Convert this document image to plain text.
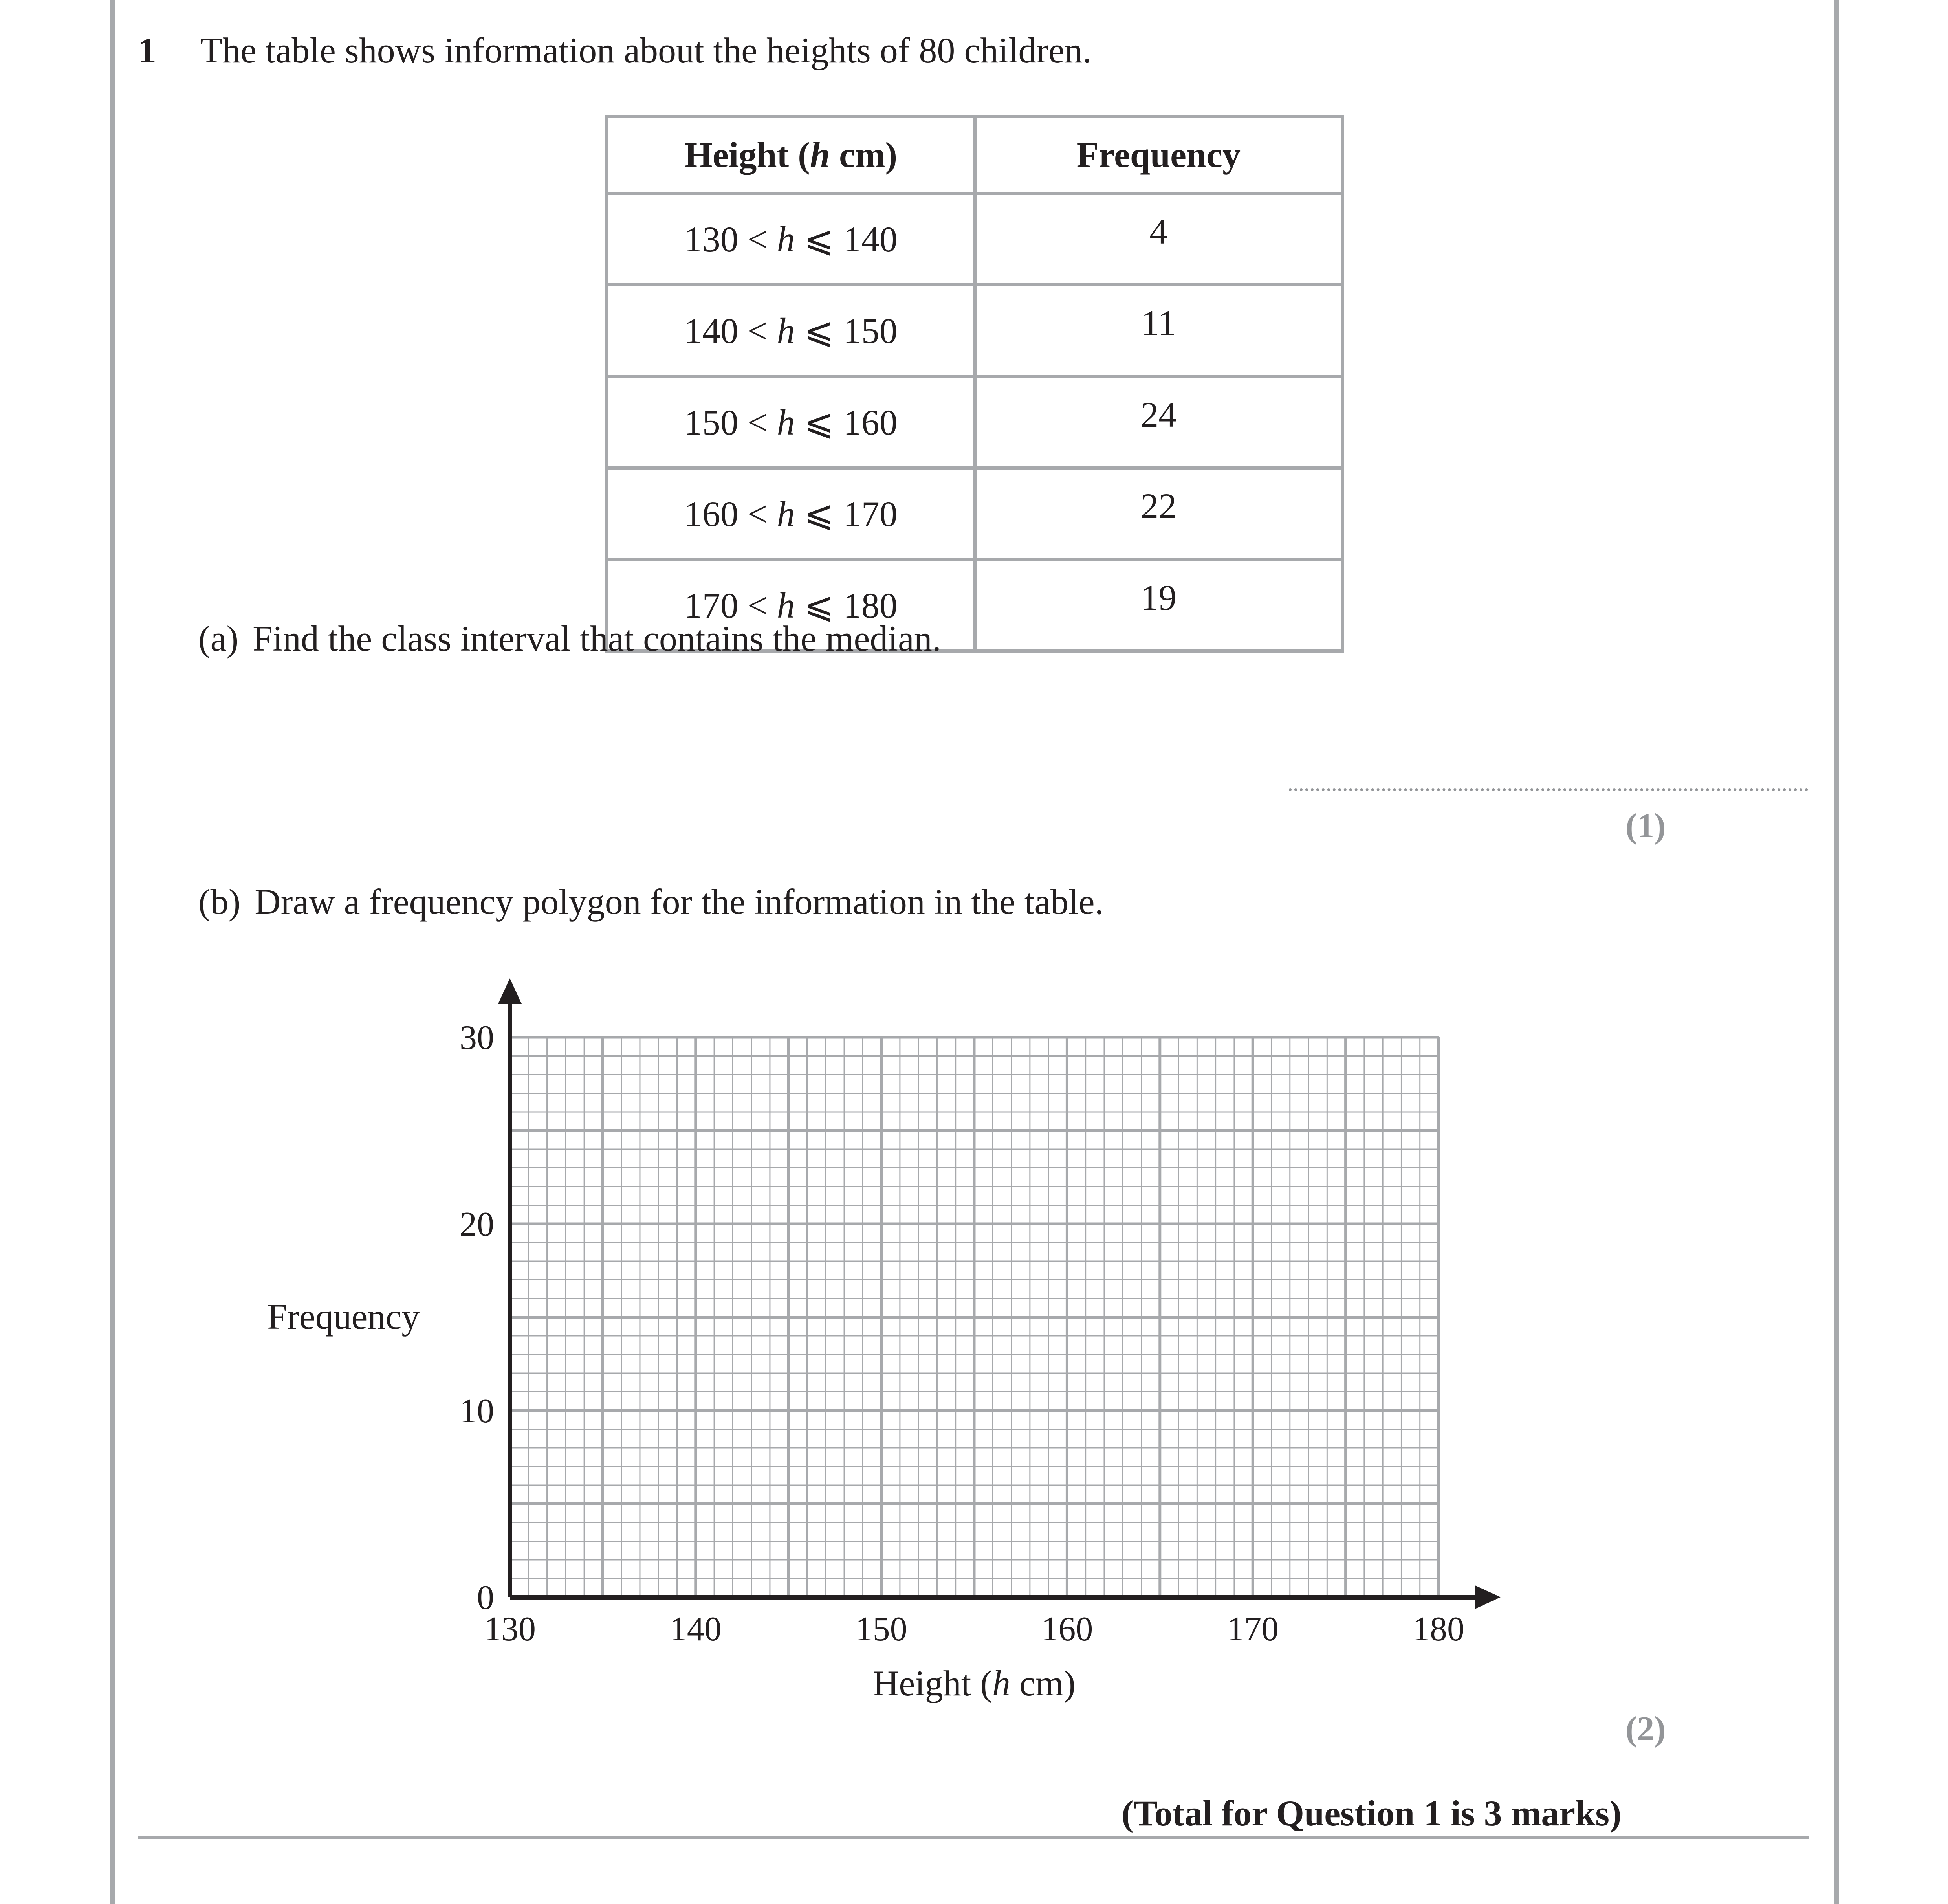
1 The table shows information about the heights of 80 children.
Height (h cm)	Frequency
130 < h ⩽ 140	4
140 < h ⩽ 150	11
150 < h ⩽ 160	24
160 < h ⩽ 170	22
170 < h ⩽ 180	19
(a) Find the class interval that contains the median.
(1)
(b) Draw a frequency polygon for the information in the table.
130	140	150	160	170	180
0
10
20
30
Frequency
Height (h cm)
(2)
(Total for Question 1 is 3 marks)
